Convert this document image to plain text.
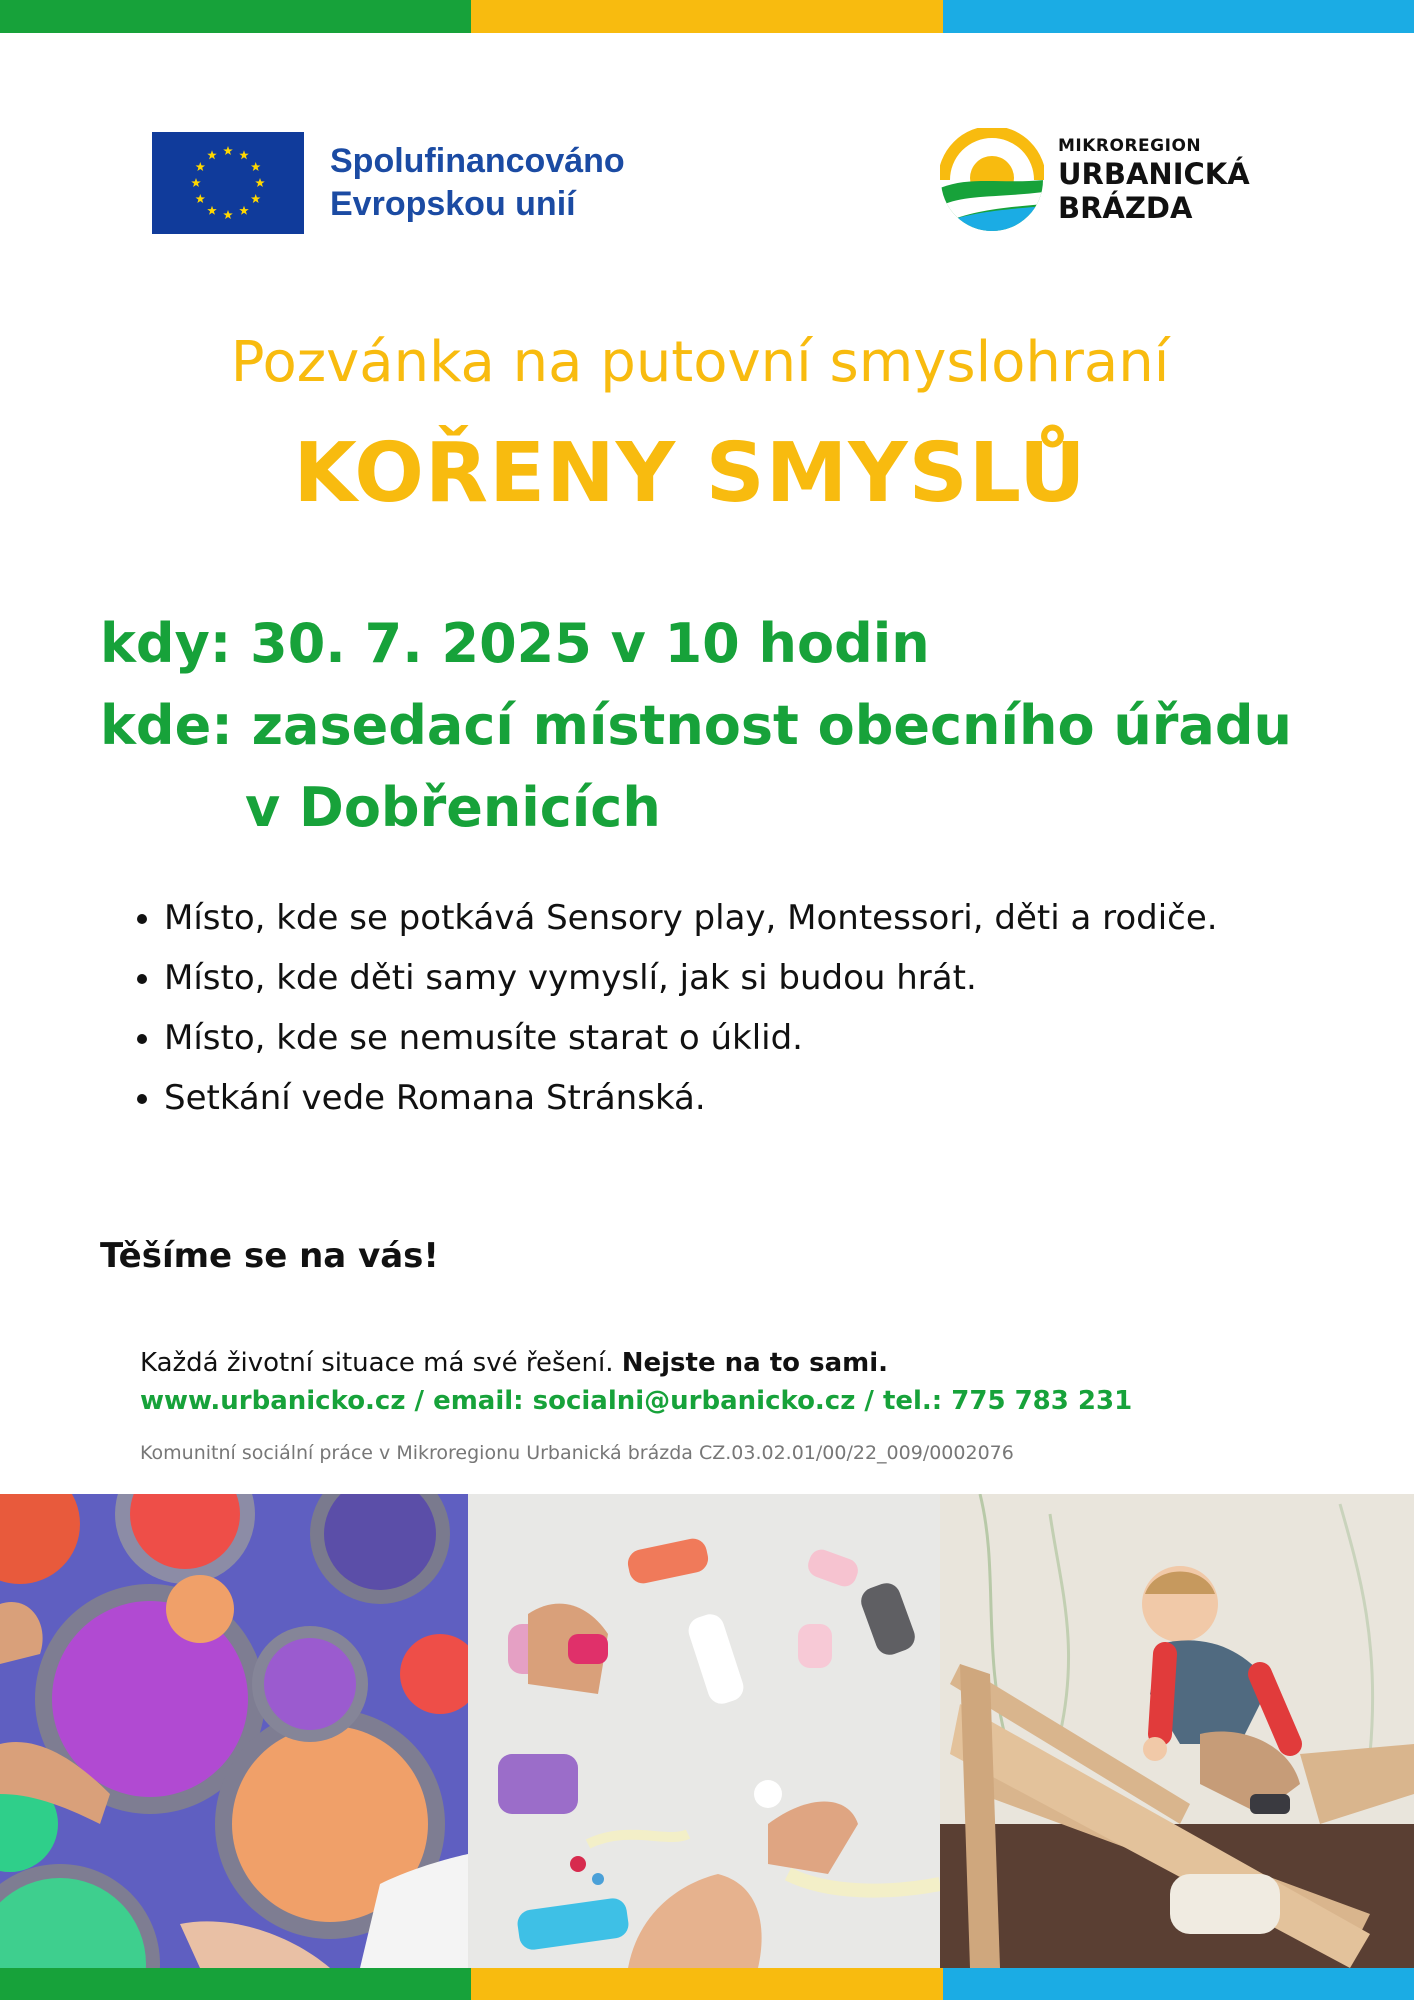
Spolufinancováno
Evropskou unií
MIKROREGION
URBANICKÁ
BRÁZDA
Pozvánka na putovní smyslohraní
KOŘENY SMYSLŮ
kdy: 30. 7. 2025 v 10 hodin
kde: zasedací místnost obecního úřadu
v Dobřenicích
• Místo, kde se potkává Sensory play, Montessori, děti a rodiče.
• Místo, kde děti samy vymyslí, jak si budou hrát.
• Místo, kde se nemusíte starat o úklid.
• Setkání vede Romana Stránská.
Těšíme se na vás!
Každá životní situace má své řešení. Nejste na to sami.
www.urbanicko.cz / email: socialni@urbanicko.cz / tel.: 775 783 231
Komunitní sociální práce v Mikroregionu Urbanická brázda CZ.03.02.01/00/22_009/0002076
